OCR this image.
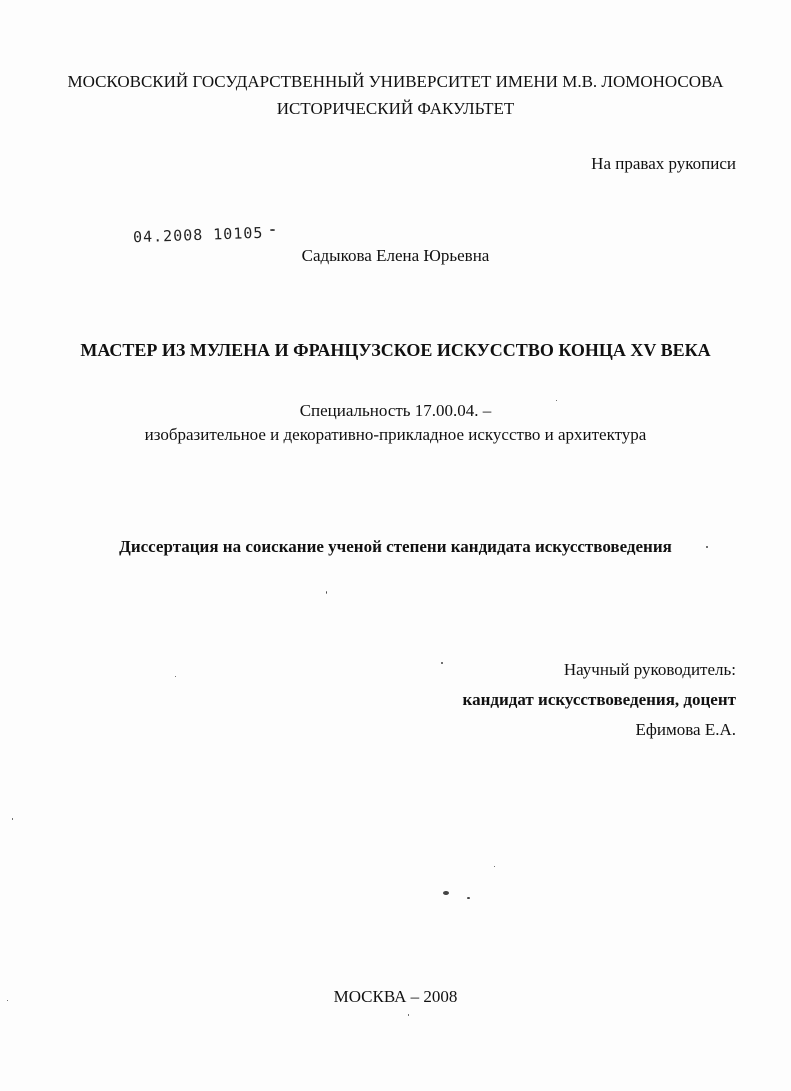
МОСКОВСКИЙ ГОСУДАРСТВЕННЫЙ УНИВЕРСИТЕТ ИМЕНИ М.В. ЛОМОНОСОВА
ИСТОРИЧЕСКИЙ ФАКУЛЬТЕТ
На правах рукописи
04.2008 10105
Садыкова Елена Юрьевна
МАСТЕР ИЗ МУЛЕНА И ФРАНЦУЗСКОЕ ИСКУССТВО КОНЦА XV ВЕКА
Специальность 17.00.04. –
изобразительное и декоративно-прикладное искусство и архитектура
Диссертация на соискание ученой степени кандидата искусствоведения
Научный руководитель:
кандидат искусствоведения, доцент
Ефимова Е.А.
МОСКВА – 2008
